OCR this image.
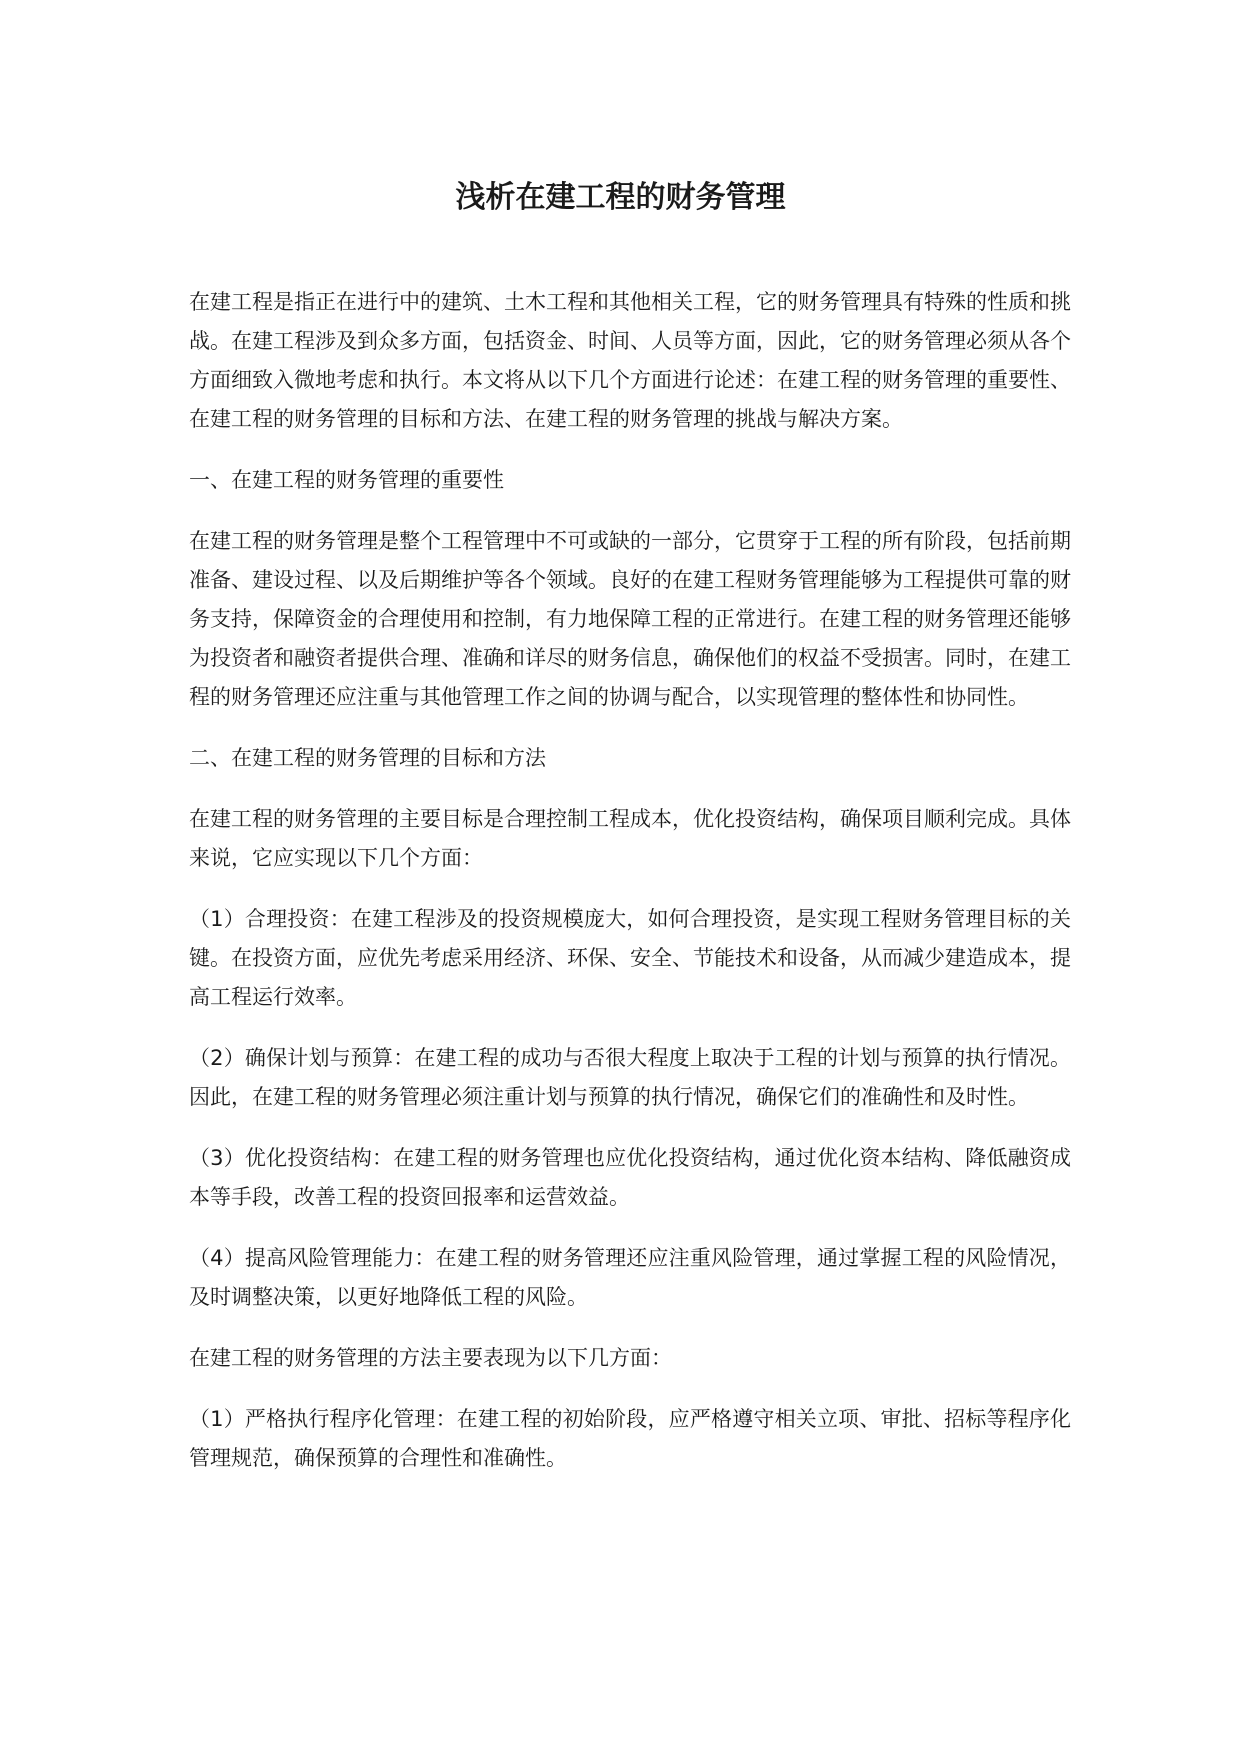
浅析在建工程的财务管理

在建工程是指正在进行中的建筑、土木工程和其他相关工程，它的财务管理具有特殊的性质和挑战。在建工程涉及到众多方面，包括资金、时间、人员等方面，因此，它的财务管理必须从各个方面细致入微地考虑和执行。本文将从以下几个方面进行论述：在建工程的财务管理的重要性、在建工程的财务管理的目标和方法、在建工程的财务管理的挑战与解决方案。

一、在建工程的财务管理的重要性

在建工程的财务管理是整个工程管理中不可或缺的一部分，它贯穿于工程的所有阶段，包括前期准备、建设过程、以及后期维护等各个领域。良好的在建工程财务管理能够为工程提供可靠的财务支持，保障资金的合理使用和控制，有力地保障工程的正常进行。在建工程的财务管理还能够为投资者和融资者提供合理、准确和详尽的财务信息，确保他们的权益不受损害。同时，在建工程的财务管理还应注重与其他管理工作之间的协调与配合，以实现管理的整体性和协同性。

二、在建工程的财务管理的目标和方法

在建工程的财务管理的主要目标是合理控制工程成本，优化投资结构，确保项目顺利完成。具体来说，它应实现以下几个方面：

（1）合理投资：在建工程涉及的投资规模庞大，如何合理投资，是实现工程财务管理目标的关键。在投资方面，应优先考虑采用经济、环保、安全、节能技术和设备，从而减少建造成本，提高工程运行效率。

（2）确保计划与预算：在建工程的成功与否很大程度上取决于工程的计划与预算的执行情况。因此，在建工程的财务管理必须注重计划与预算的执行情况，确保它们的准确性和及时性。

（3）优化投资结构：在建工程的财务管理也应优化投资结构，通过优化资本结构、降低融资成本等手段，改善工程的投资回报率和运营效益。

（4）提高风险管理能力：在建工程的财务管理还应注重风险管理，通过掌握工程的风险情况，及时调整决策，以更好地降低工程的风险。

在建工程的财务管理的方法主要表现为以下几方面：

（1）严格执行程序化管理：在建工程的初始阶段，应严格遵守相关立项、审批、招标等程序化管理规范，确保预算的合理性和准确性。
